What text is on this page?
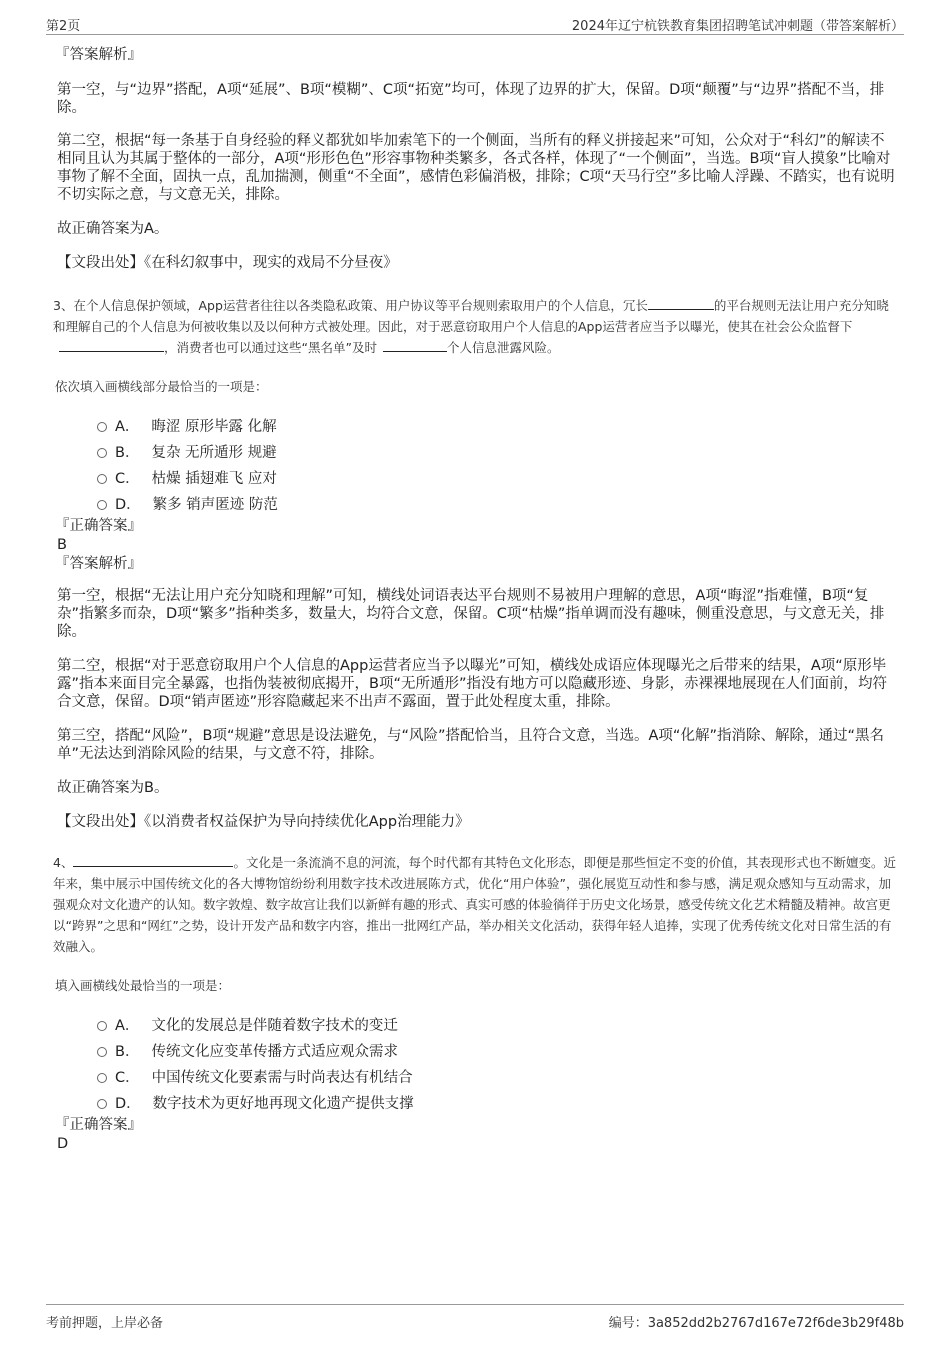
第2页	2024年辽宁杭铁教育集团招聘笔试冲刺题（带答案解析）
『答案解析』

第一空，与“边界”搭配，A项“延展”、B项“模糊”、C项“拓宽”均可，体现了边界的扩大，保留。D项“颠覆”与“边界”搭配不当，排除。

第二空，根据“每一条基于自身经验的释义都犹如毕加索笔下的一个侧面，当所有的释义拼接起来”可知，公众对于“科幻”的解读不相同且认为其属于整体的一部分，A项“形形色色”形容事物种类繁多，各式各样，体现了“一个侧面”，当选。B项“盲人摸象”比喻对事物了解不全面，固执一点，乱加揣测，侧重“不全面”，感情色彩偏消极，排除；C项“天马行空”多比喻人浮躁、不踏实，也有说明不切实际之意，与文意无关，排除。

故正确答案为A。

【文段出处】《在科幻叙事中，现实的戏局不分昼夜》

3、在个人信息保护领域，App运营者往往以各类隐私政策、用户协议等平台规则索取用户的个人信息，冗长	的平台规则无法让用户充分知晓和理解自己的个人信息为何被收集以及以何种方式被处理。因此，对于恶意窃取用户个人信息的App运营者应当予以曝光，使其在社会公众监督下，消费者也可以通过这些“黑名单”及时	个人信息泄露风险。

依次填入画横线部分最恰当的一项是：

A． 晦涩 原形毕露 化解
B． 复杂 无所遁形 规避
C． 枯燥 插翅难飞 应对
D． 繁多 销声匿迹 防范
『正确答案』
B
『答案解析』

第一空，根据“无法让用户充分知晓和理解”可知，横线处词语表达平台规则不易被用户理解的意思，A项“晦涩”指难懂，B项“复杂”指繁多而杂，D项“繁多”指种类多，数量大，均符合文意，保留。C项“枯燥”指单调而没有趣味，侧重没意思，与文意无关，排除。

第二空，根据“对于恶意窃取用户个人信息的App运营者应当予以曝光”可知，横线处成语应体现曝光之后带来的结果，A项“原形毕露”指本来面目完全暴露，也指伪装被彻底揭开，B项“无所遁形”指没有地方可以隐藏形迹、身影，赤裸裸地展现在人们面前，均符合文意，保留。D项“销声匿迹”形容隐藏起来不出声不露面，置于此处程度太重，排除。

第三空，搭配“风险”，B项“规避”意思是设法避免，与“风险”搭配恰当，且符合文意，当选。A项“化解”指消除、解除，通过“黑名单”无法达到消除风险的结果，与文意不符，排除。

故正确答案为B。

【文段出处】《以消费者权益保护为导向持续优化App治理能力》

4、	。文化是一条流淌不息的河流，每个时代都有其特色文化形态，即便是那些恒定不变的价值，其表现形式也不断嬗变。近年来，集中展示中国传统文化的各大博物馆纷纷利用数字技术改进展陈方式，优化“用户体验”，强化展览互动性和参与感，满足观众感知与互动需求，加强观众对文化遗产的认知。数字敦煌、数字故宫让我们以新鲜有趣的形式、真实可感的体验徜徉于历史文化场景，感受传统文化艺术精髓及精神。故宫更以“跨界”之思和“网红”之势，设计开发产品和数字内容，推出一批网红产品，举办相关文化活动，获得年轻人追捧，实现了优秀传统文化对日常生活的有效融入。

填入画横线处最恰当的一项是：

A． 文化的发展总是伴随着数字技术的变迁
B． 传统文化应变革传播方式适应观众需求
C． 中国传统文化要素需与时尚表达有机结合
D． 数字技术为更好地再现文化遗产提供支撑
『正确答案』
D
考前押题，上岸必备	编号：3a852dd2b2767d167e72f6de3b29f48b
